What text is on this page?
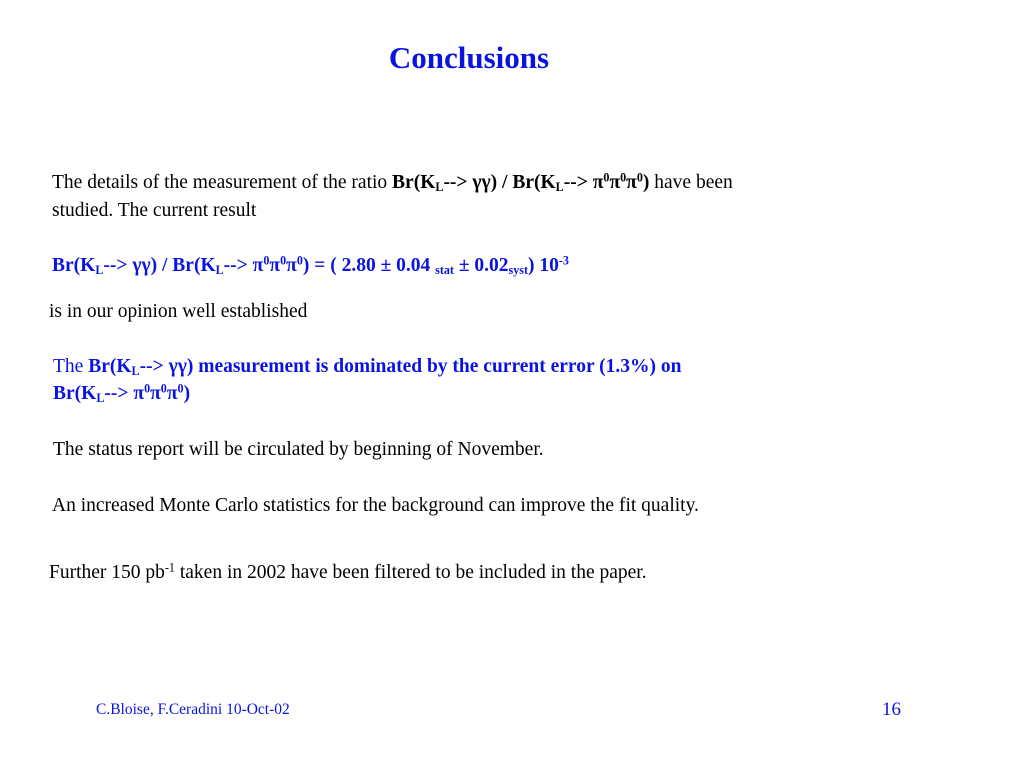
Conclusions
The details of the measurement of the ratio $Br(K_L--> \gamma\gamma) / Br(K_L--> \pi^0\pi^0\pi^0)$ have been
studied. The current result
$Br(K_L--> \gamma\gamma) / Br(K_L--> \pi^0\pi^0\pi^0)$ = ( 2.80 ± 0.04 $_{stat} \pm 0.02_{syst}$) $10^{-3}$
is in our opinion well established
The $Br(K_L--> \gamma\gamma)$ measurement is dominated by the current error (1.3%) on
$Br(K_L--> \pi^0\pi^0\pi^0)$
The status report will be circulated by beginning of November.
An increased Monte Carlo statistics for the background can improve the fit quality.
Further 150 $pb^{-1}$ taken in 2002 have been filtered to be included in the paper.
C.Bloise, F.Ceradini 10-Oct-02	16
